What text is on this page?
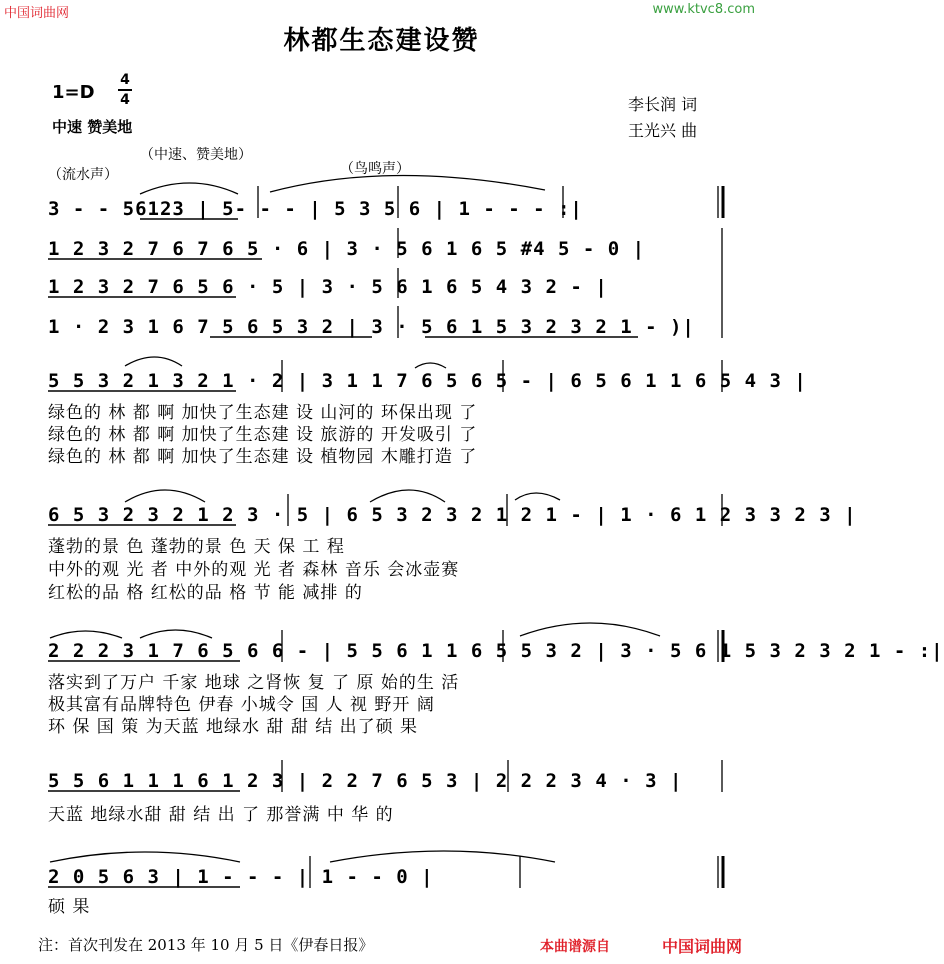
中国词曲网	www.ktvc8.com
林都生态建设赞
1=D
4
4
中速 赞美地
李长润 词
王光兴 曲
（中速、赞美地）
（流水声）	（鸟鸣声）
3 - - 56123 | 5- - - | 5 3 5 6 | 1 - - - :|
1 2 3 2 7 6 7 6 5 · 6 | 3 · 5 6 1 6 5 #4 5 - 0 |
1 2 3 2 7 6 5 6 · 5 | 3 · 5 6 1 6 5 4 3 2 - |
1 · 2 3 1 6 7 5 6 5 3 2 | 3 · 5 6 1 5 3 2 3 2 1 - )|
5 5 3 2 1 3 2 1 · 2 | 3 1 1 7 6 5 6 5 - | 6 5 6 1 1 6 5 4 3 |
绿色的 林 都 啊 加快了生态建 设 山河的 环保出现 了
绿色的 林 都 啊 加快了生态建 设 旅游的 开发吸引 了
绿色的 林 都 啊 加快了生态建 设 植物园 木雕打造 了
6 5 3 2 3 2 1 2 3 · 5 | 6 5 3 2 3 2 1 2 1 - | 1 · 6 1 2 3 3 2 3 |
蓬勃的景 色 蓬勃的景 色 天 保 工 程
中外的观 光 者 中外的观 光 者 森林 音乐 会冰壶赛
红松的品 格 红松的品 格 节 能 减排 的
2 2 2 3 1 7 6 5 6 6 - | 5 5 6 1 1 6 5 5 3 2 | 3 · 5 6 1 5 3 2 3 2 1 - :|
落实到了万户 千家 地球 之肾恢 复 了 原 始的生 活
极其富有品牌特色 伊春 小城令 国 人 视 野开 阔
环 保 国 策 为天蓝 地绿水 甜 甜 结 出了硕 果
5 5 6 1 1 1 6 1 2 3 | 2 2 7 6 5 3 | 2 2 2 3 4 · 3 |
天蓝 地绿水甜 甜 结 出 了 那誉满 中 华 的
2 0 5 6 3 | 1 - - - | 1 - - 0 |
硕 果
注：首次刊发在 2013 年 10 月 5 日《伊春日报》	本曲谱源自	中国词曲网
